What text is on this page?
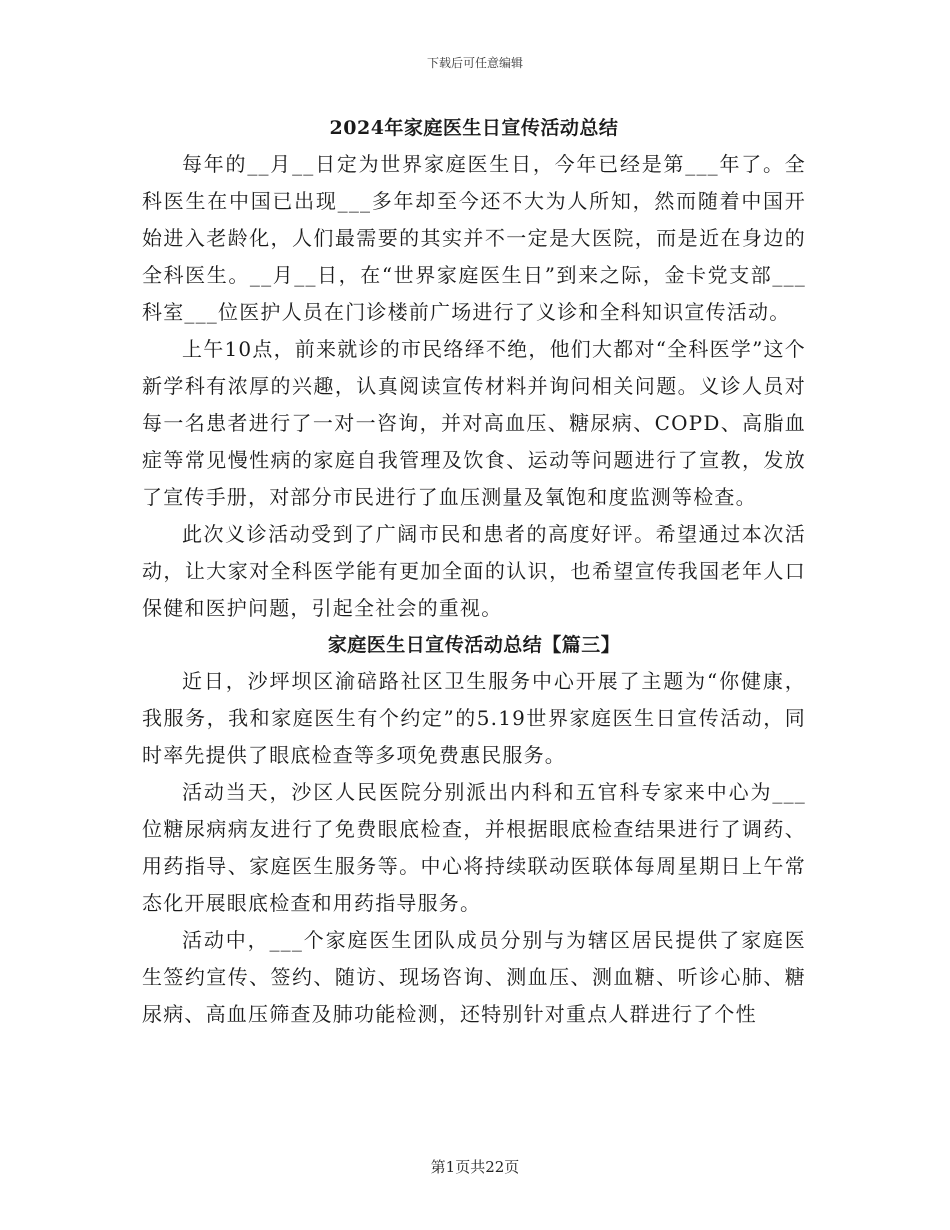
下载后可任意编辑
2024年家庭医生日宣传活动总结

每年的__月__日定为世界家庭医生日，今年已经是第___年了。全科医生在中国已出现___多年却至今还不大为人所知，然而随着中国开始进入老龄化，人们最需要的其实并不一定是大医院，而是近在身边的全科医生。__月__日，在“世界家庭医生日”到来之际，金卡党支部___科室___位医护人员在门诊楼前广场进行了义诊和全科知识宣传活动。

上午10点，前来就诊的市民络绎不绝，他们大都对“全科医学”这个新学科有浓厚的兴趣，认真阅读宣传材料并询问相关问题。义诊人员对每一名患者进行了一对一咨询，并对高血压、糖尿病、COPD、高脂血症等常见慢性病的家庭自我管理及饮食、运动等问题进行了宣教，发放了宣传手册，对部分市民进行了血压测量及氧饱和度监测等检查。

此次义诊活动受到了广阔市民和患者的高度好评。希望通过本次活动，让大家对全科医学能有更加全面的认识，也希望宣传我国老年人口保健和医护问题，引起全社会的重视。

家庭医生日宣传活动总结【篇三】

近日，沙坪坝区渝碚路社区卫生服务中心开展了主题为“你健康，我服务，我和家庭医生有个约定”的5.19世界家庭医生日宣传活动，同时率先提供了眼底检查等多项免费惠民服务。

活动当天，沙区人民医院分别派出内科和五官科专家来中心为___位糖尿病病友进行了免费眼底检查，并根据眼底检查结果进行了调药、用药指导、家庭医生服务等。中心将持续联动医联体每周星期日上午常态化开展眼底检查和用药指导服务。

活动中，___个家庭医生团队成员分别与为辖区居民提供了家庭医生签约宣传、签约、随访、现场咨询、测血压、测血糖、听诊心肺、糖尿病、高血压筛查及肺功能检测，还特别针对重点人群进行了个性

第1页共22页
